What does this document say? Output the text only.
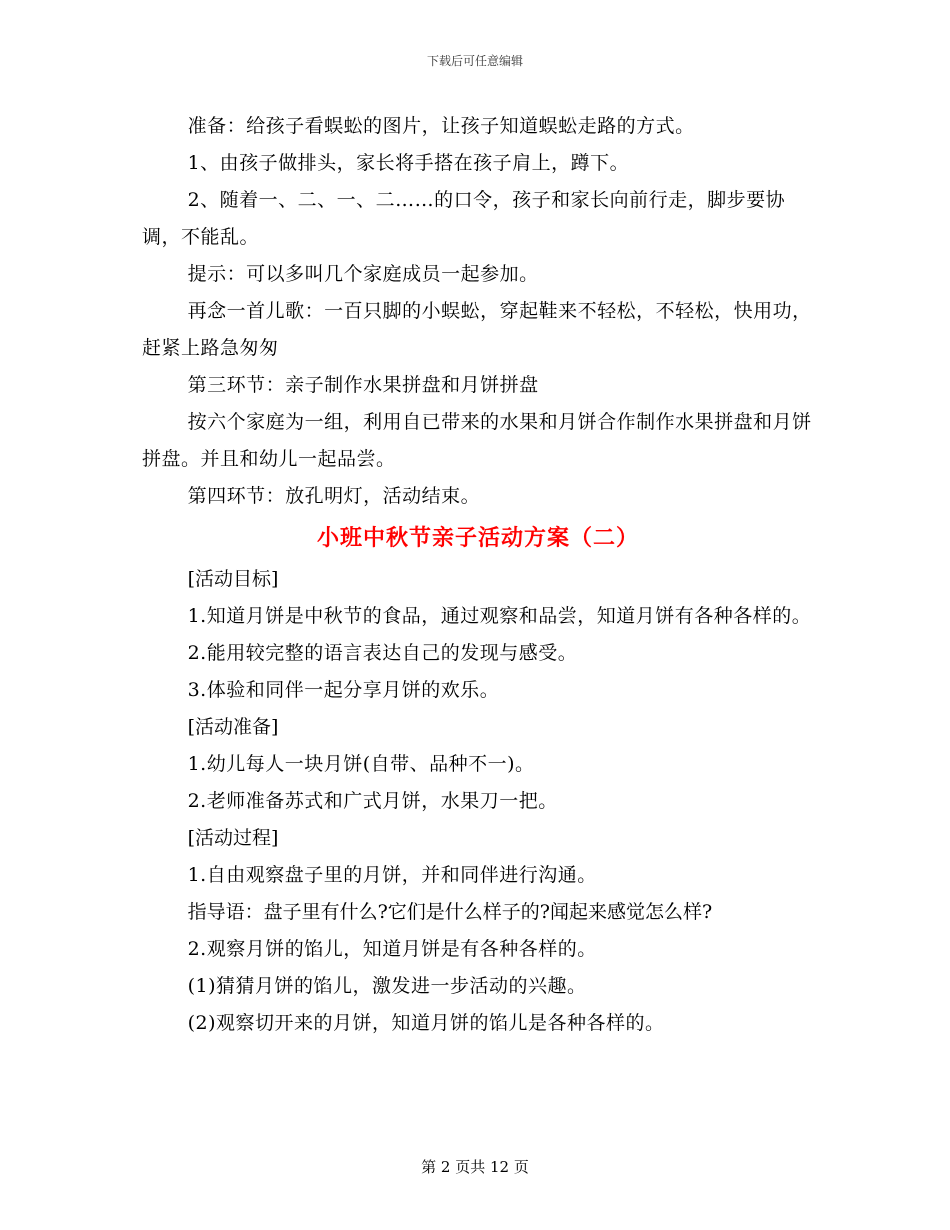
下载后可任意编辑

准备：给孩子看蜈蚣的图片，让孩子知道蜈蚣走路的方式。

1、由孩子做排头，家长将手搭在孩子肩上，蹲下。

2、随着一、二、一、二……的口令，孩子和家长向前行走，脚步要协调，不能乱。

提示：可以多叫几个家庭成员一起参加。

再念一首儿歌：一百只脚的小蜈蚣，穿起鞋来不轻松，不轻松，快用功，赶紧上路急匆匆

第三环节：亲子制作水果拼盘和月饼拼盘

按六个家庭为一组，利用自已带来的水果和月饼合作制作水果拼盘和月饼拼盘。并且和幼儿一起品尝。

第四环节：放孔明灯，活动结束。

小班中秋节亲子活动方案（二）

[活动目标]

1.知道月饼是中秋节的食品，通过观察和品尝，知道月饼有各种各样的。

2.能用较完整的语言表达自己的发现与感受。

3.体验和同伴一起分享月饼的欢乐。

[活动准备]

1.幼儿每人一块月饼(自带、品种不一)。

2.老师准备苏式和广式月饼，水果刀一把。

[活动过程]

1.自由观察盘子里的月饼，并和同伴进行沟通。

指导语：盘子里有什么?它们是什么样子的?闻起来感觉怎么样?

2.观察月饼的馅儿，知道月饼是有各种各样的。

(1)猜猜月饼的馅儿，激发进一步活动的兴趣。

(2)观察切开来的月饼，知道月饼的馅儿是各种各样的。

第 2 页共 12 页
